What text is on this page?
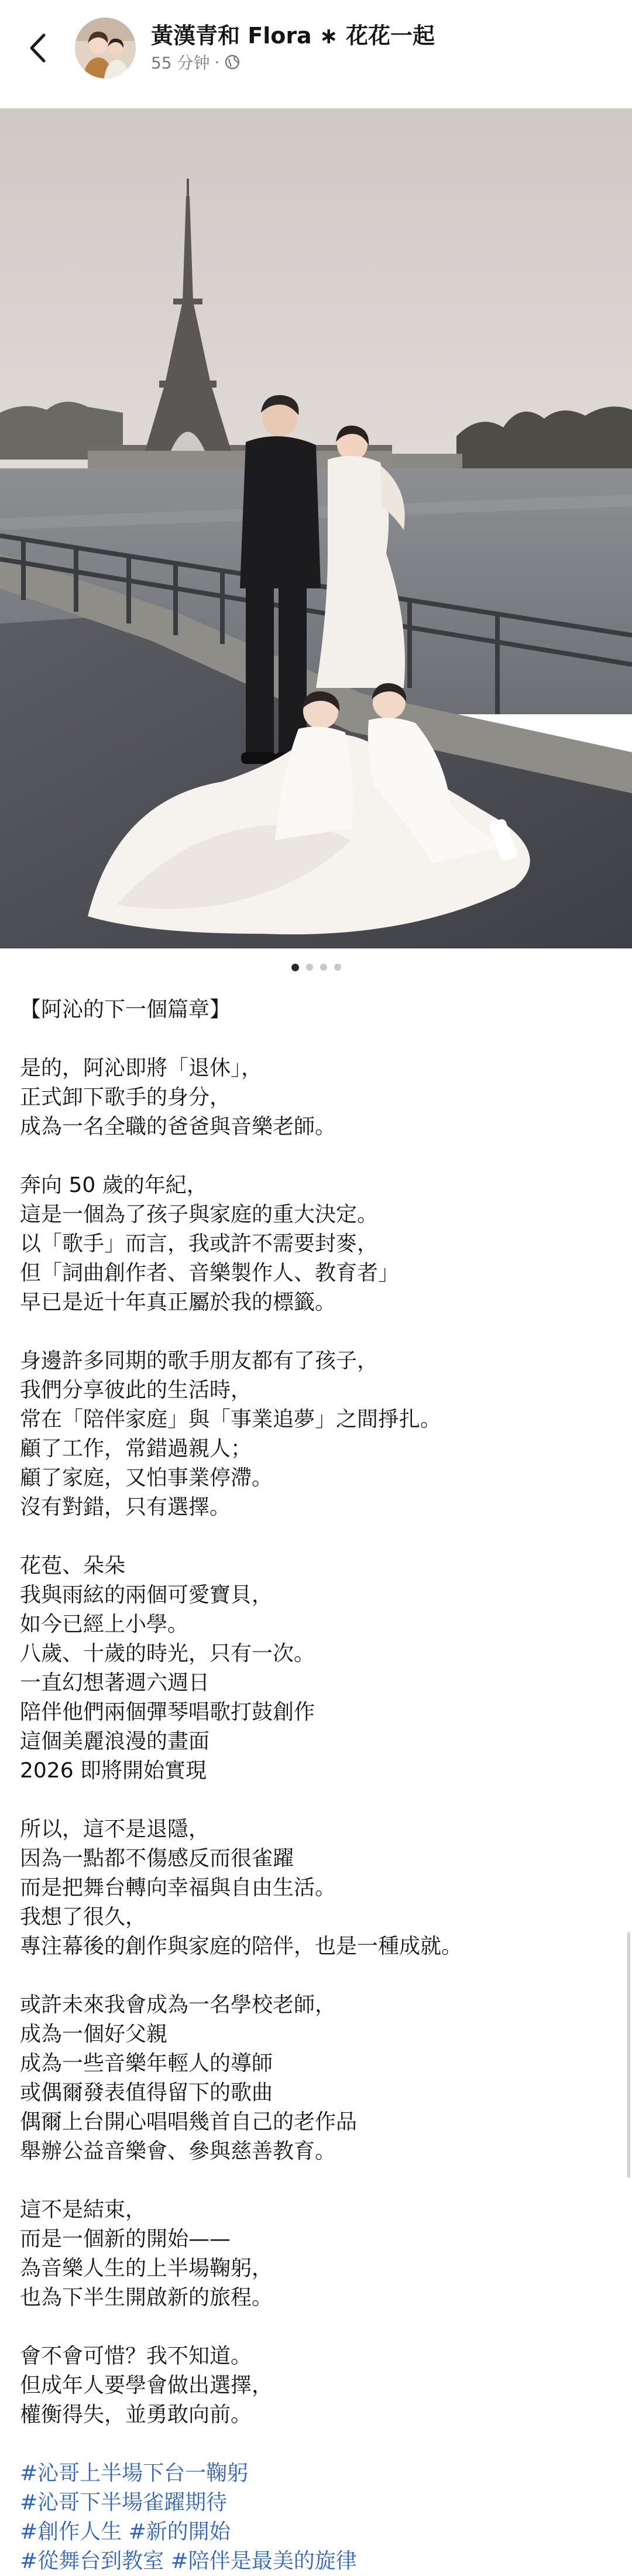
黃漢青和 Flora ∗ 花花一起
55 分钟 ·
【阿沁的下一個篇章】
是的，阿沁即將「退休」，
正式卸下歌手的身分，
成為一名全職的爸爸與音樂老師。
奔向 50 歲的年紀，
這是一個為了孩子與家庭的重大決定。
以「歌手」而言，我或許不需要封麥，
但「詞曲創作者、音樂製作人、教育者」
早已是近十年真正屬於我的標籤。
身邊許多同期的歌手朋友都有了孩子，
我們分享彼此的生活時，
常在「陪伴家庭」與「事業追夢」之間掙扎。
顧了工作，常錯過親人；
顧了家庭，又怕事業停滯。
沒有對錯，只有選擇。
花苞、朵朵
我與雨絃的兩個可愛寶貝，
如今已經上小學。
八歲、十歲的時光，只有一次。
一直幻想著週六週日
陪伴他們兩個彈琴唱歌打鼓創作
這個美麗浪漫的畫面
2026 即將開始實現
所以，這不是退隱，
因為一點都不傷感反而很雀躍
而是把舞台轉向幸福與自由生活。
我想了很久，
專注幕後的創作與家庭的陪伴，也是一種成就。
或許未來我會成為一名學校老師，
成為一個好父親
成為一些音樂年輕人的導師
或偶爾發表值得留下的歌曲
偶爾上台開心唱唱幾首自己的老作品
舉辦公益音樂會、參與慈善教育。
這不是結束，
而是一個新的開始——
為音樂人生的上半場鞠躬，
也為下半生開啟新的旅程。
會不會可惜？我不知道。
但成年人要學會做出選擇，
權衡得失，並勇敢向前。
#沁哥上半場下台一鞠躬
#沁哥下半場雀躍期待
#創作人生 #新的開始
#從舞台到教室 #陪伴是最美的旋律
